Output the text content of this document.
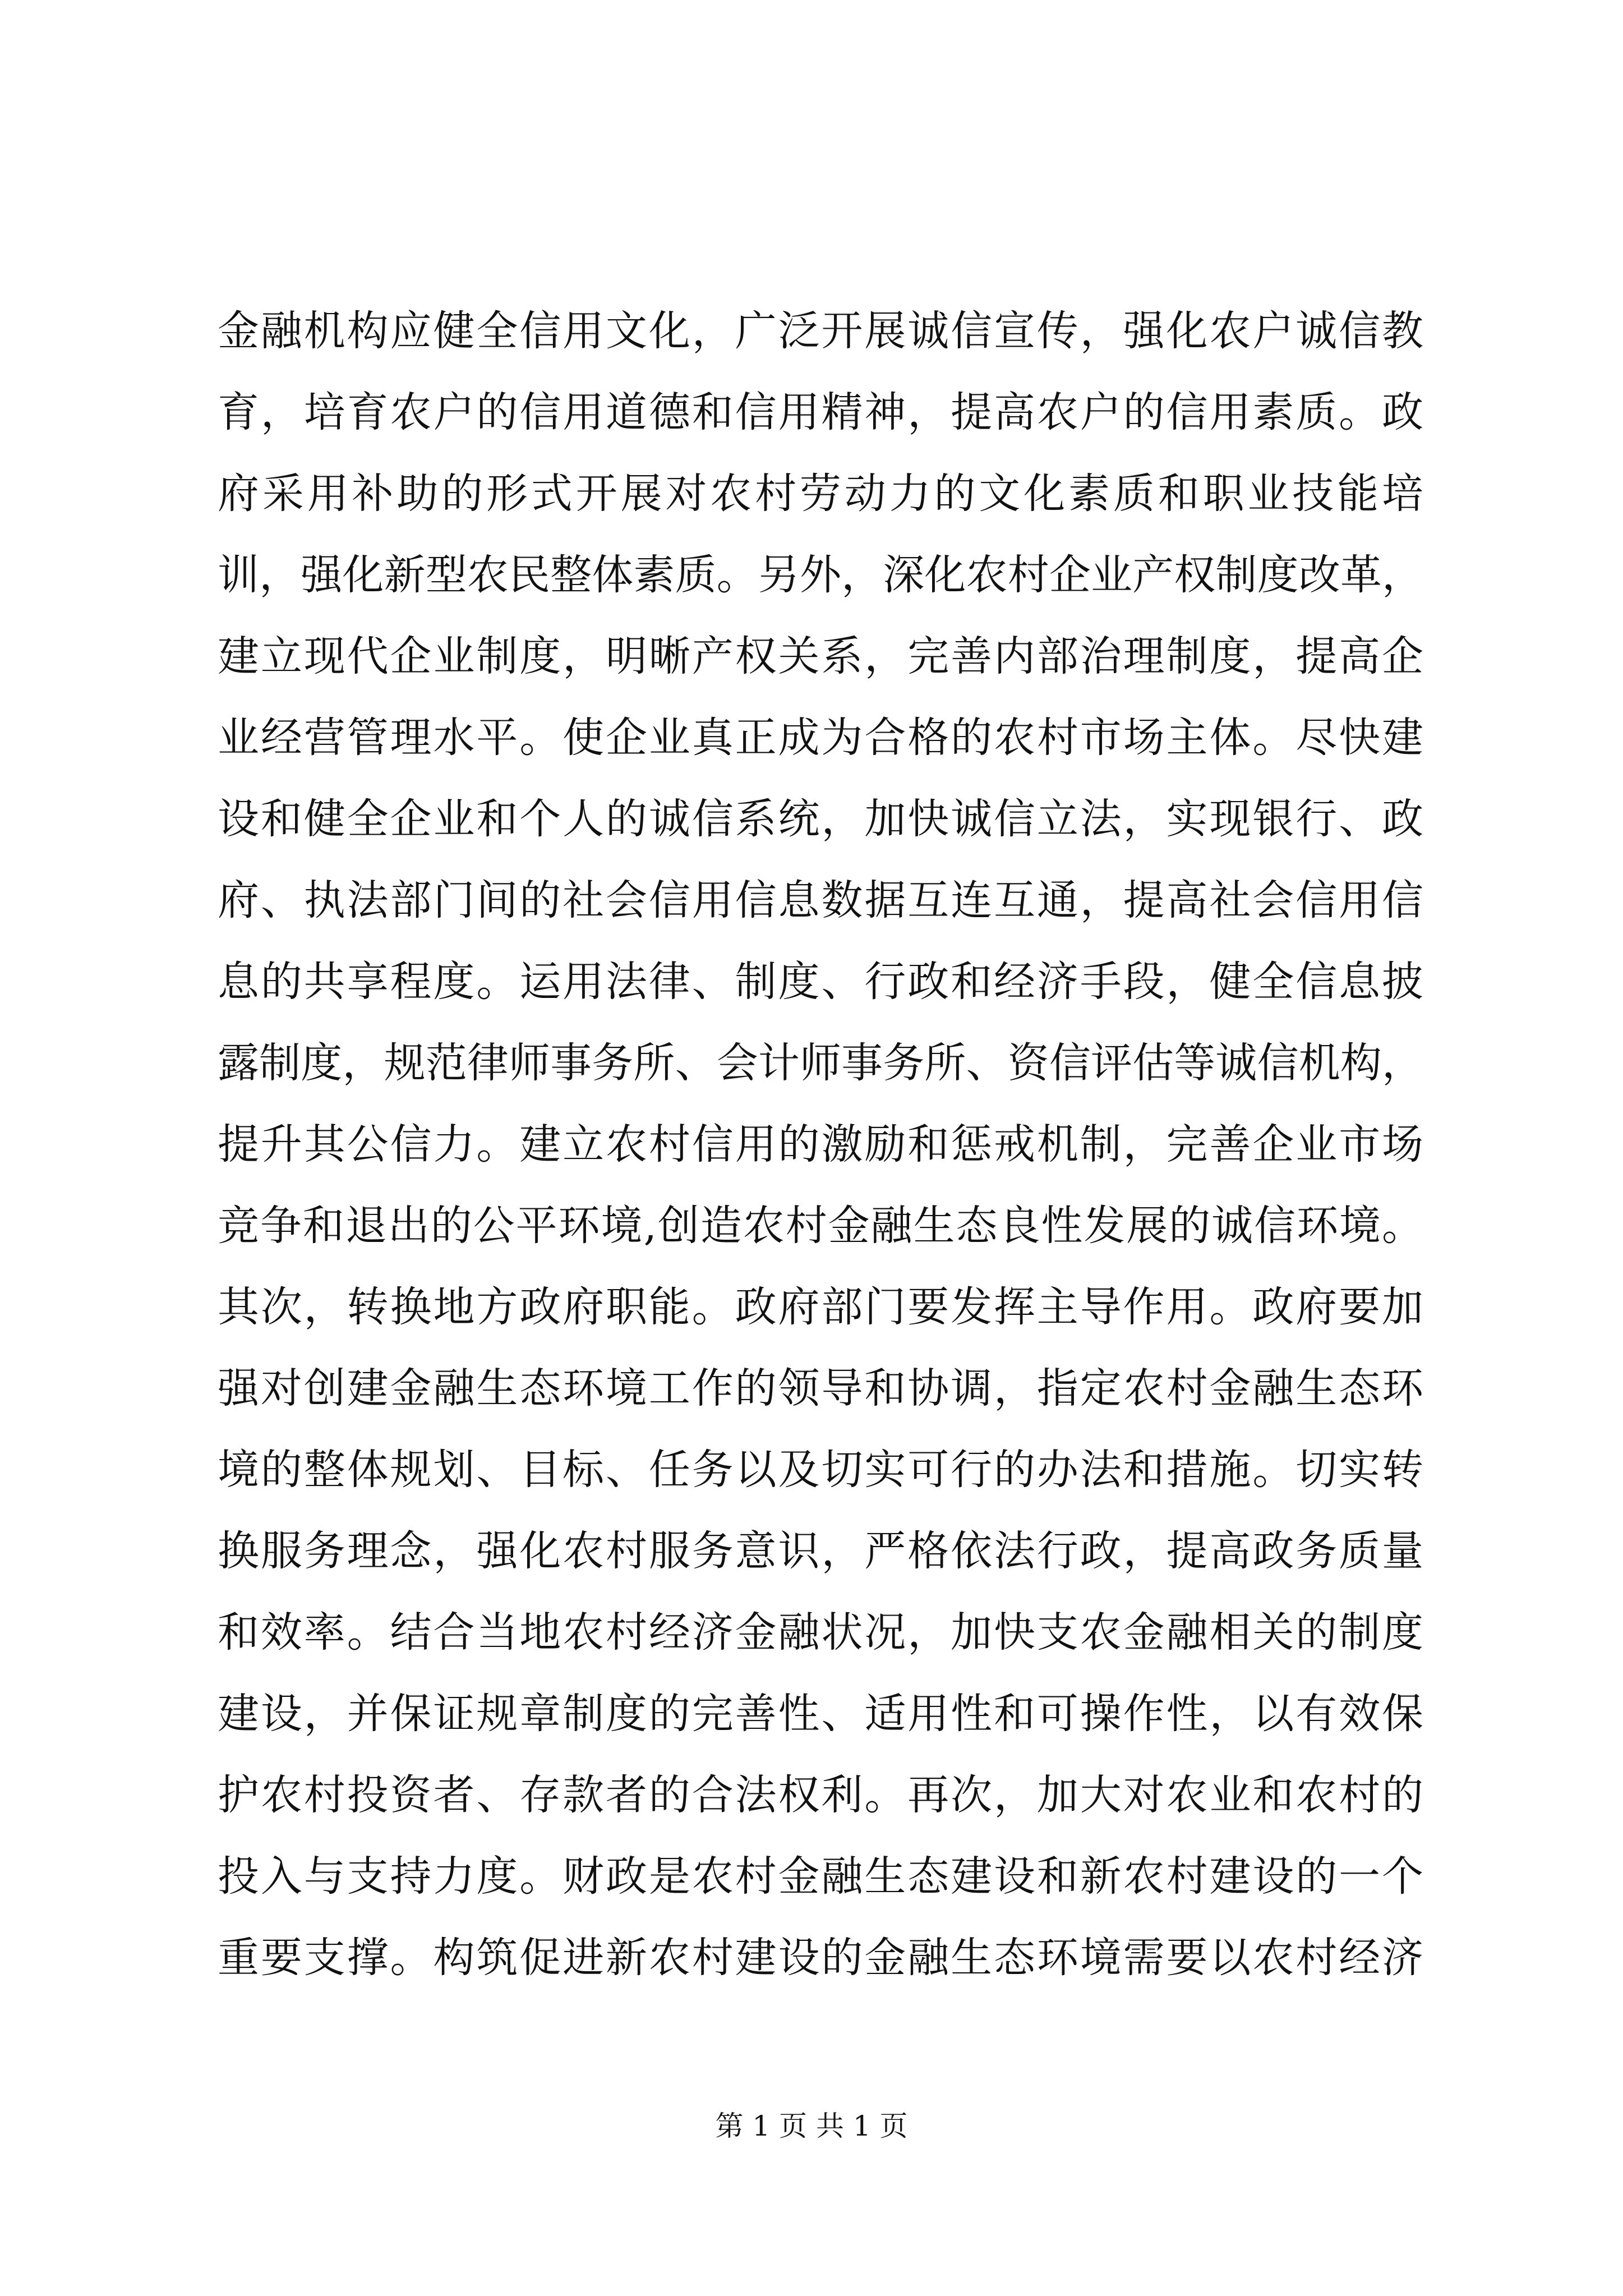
金融机构应健全信用文化，广泛开展诚信宣传，强化农户诚信教
育，培育农户的信用道德和信用精神，提高农户的信用素质。政
府采用补助的形式开展对农村劳动力的文化素质和职业技能培
训，强化新型农民整体素质。另外，深化农村企业产权制度改革，
建立现代企业制度，明晰产权关系，完善内部治理制度，提高企
业经营管理水平。使企业真正成为合格的农村市场主体。尽快建
设和健全企业和个人的诚信系统，加快诚信立法，实现银行、政
府、执法部门间的社会信用信息数据互连互通，提高社会信用信
息的共享程度。运用法律、制度、行政和经济手段，健全信息披
露制度，规范律师事务所、会计师事务所、资信评估等诚信机构，
提升其公信力。建立农村信用的激励和惩戒机制，完善企业市场
竞争和退出的公平环境,创造农村金融生态良性发展的诚信环境。
其次，转换地方政府职能。政府部门要发挥主导作用。政府要加
强对创建金融生态环境工作的领导和协调，指定农村金融生态环
境的整体规划、目标、任务以及切实可行的办法和措施。切实转
换服务理念，强化农村服务意识，严格依法行政，提高政务质量
和效率。结合当地农村经济金融状况，加快支农金融相关的制度
建设，并保证规章制度的完善性、适用性和可操作性，以有效保
护农村投资者、存款者的合法权利。再次，加大对农业和农村的
投入与支持力度。财政是农村金融生态建设和新农村建设的一个
重要支撑。构筑促进新农村建设的金融生态环境需要以农村经济
第 1 页 共 1 页
